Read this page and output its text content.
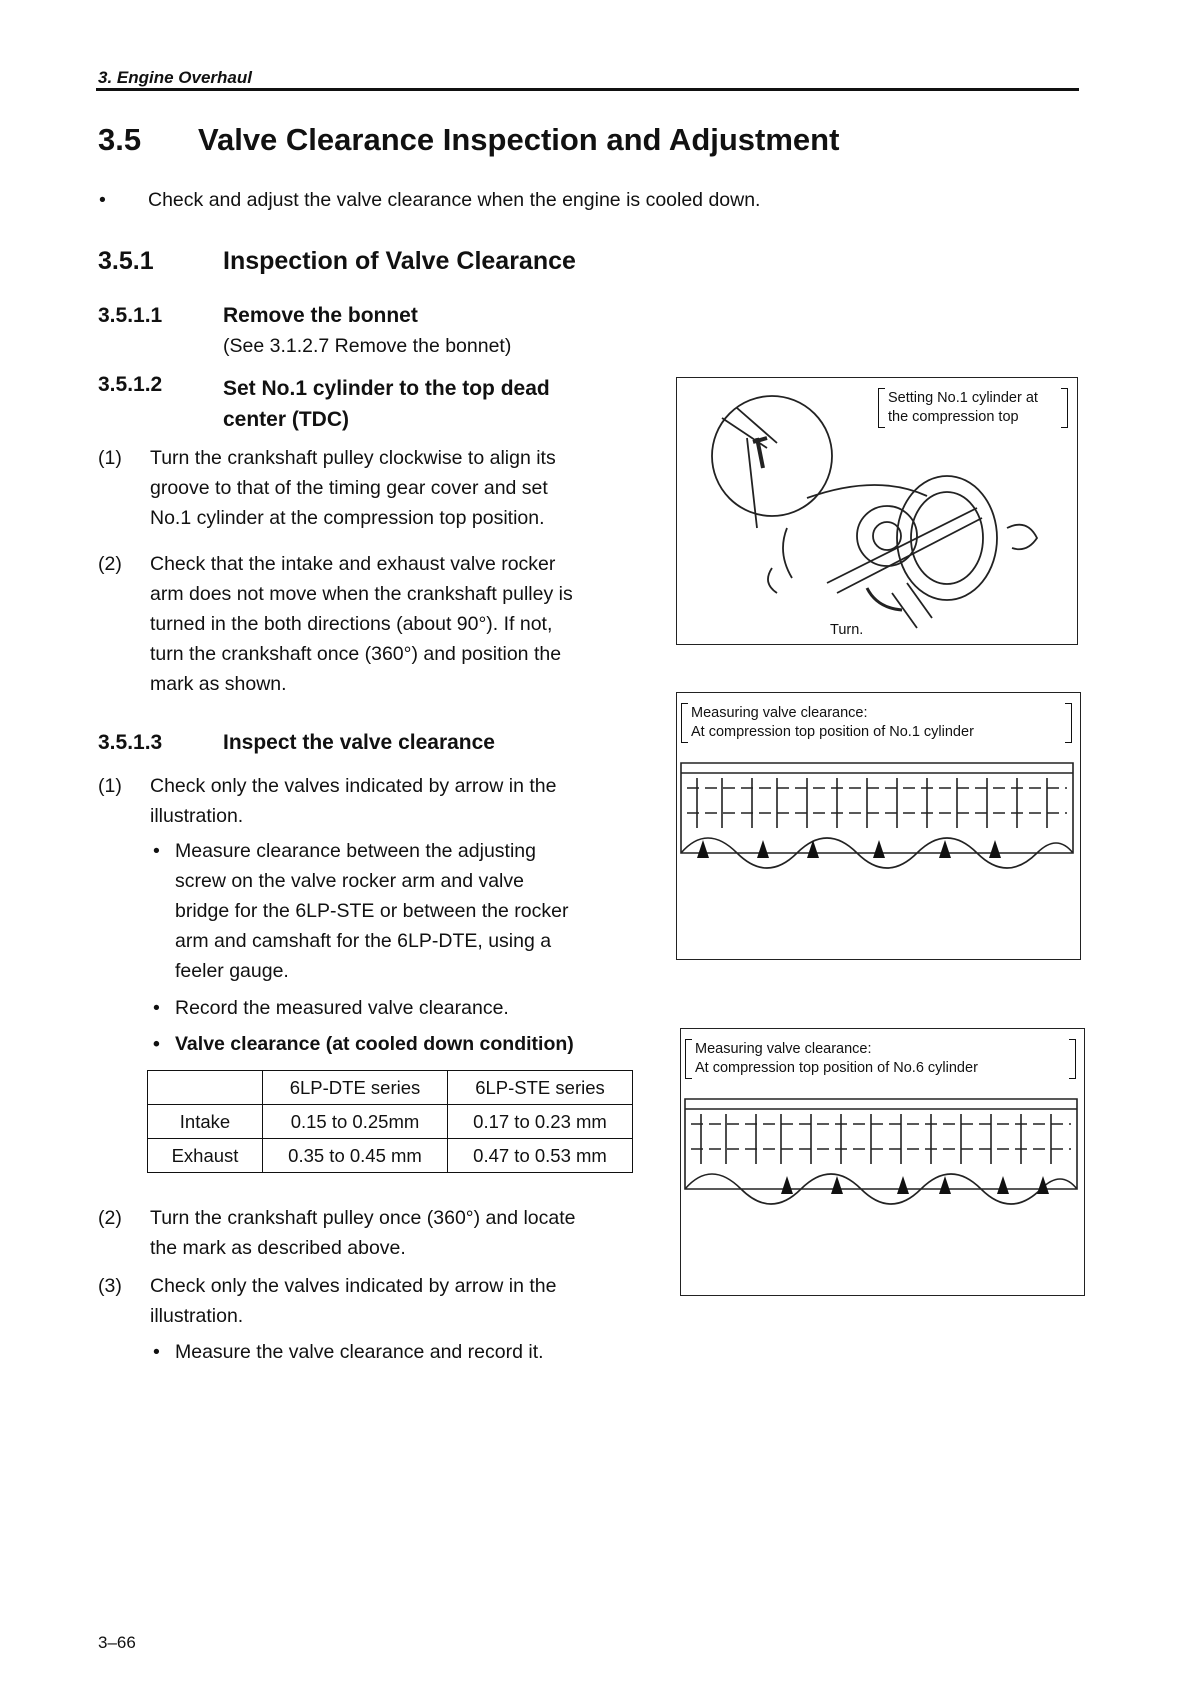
3. Engine Overhaul
3.5 Valve Clearance Inspection and Adjustment
• Check and adjust the valve clearance when the engine is cooled down.
3.5.1	Inspection of Valve Clearance
3.5.1.1	Remove the bonnet
(See 3.1.2.7 Remove the bonnet)
3.5.1.2	Set No.1 cylinder to the top dead
center (TDC)
(1) Turn the crankshaft pulley clockwise to align its
groove to that of the timing gear cover and set
No.1 cylinder at the compression top position.
(2) Check that the intake and exhaust valve rocker
arm does not move when the crankshaft pulley is
turned in the both directions (about 90°). If not,
turn the crankshaft once (360°) and position the
mark as shown.
3.5.1.3	Inspect the valve clearance
(1) Check only the valves indicated by arrow in the
illustration.
• Measure clearance between the adjusting
screw on the valve rocker arm and valve
bridge for the 6LP-STE or between the rocker
arm and camshaft for the 6LP-DTE, using a
feeler gauge.
• Record the measured valve clearance.
• Valve clearance (at cooled down condition)
	6LP-DTE series	6LP-STE series
Intake	0.15 to 0.25mm	0.17 to 0.23 mm
Exhaust	0.35 to 0.45 mm	0.47 to 0.53 mm
(2) Turn the crankshaft pulley once (360°) and locate
the mark as described above.
(3) Check only the valves indicated by arrow in the
illustration.
• Measure the valve clearance and record it.
Setting No.1 cylinder at
the compression top
Turn.
Measuring valve clearance:
At compression top position of No.1 cylinder
Measuring valve clearance:
At compression top position of No.6 cylinder
3–66
